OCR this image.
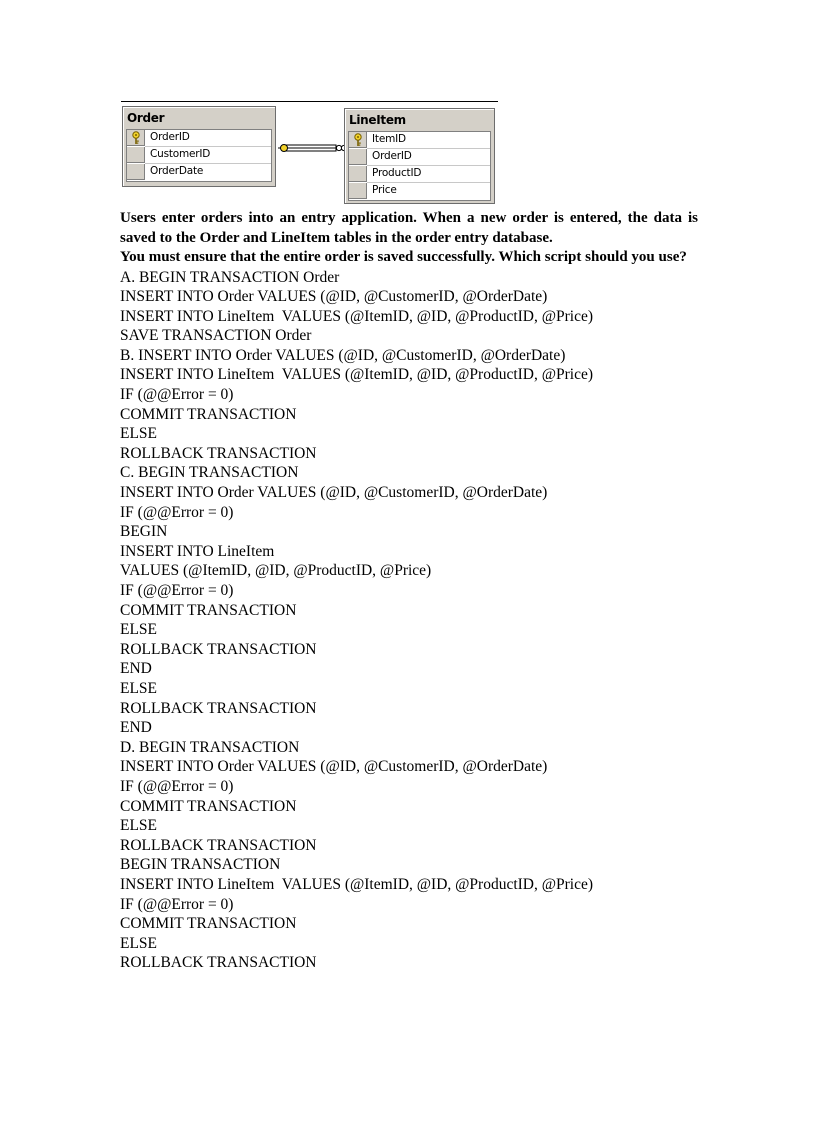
Order
OrderID
CustomerID
OrderDate
LineItem
ItemID
OrderID
ProductID
Price

Users enter orders into an entry application. When a new order is entered, the data is saved to the Order and LineItem tables in the order entry database.

You must ensure that the entire order is saved successfully. Which script should you use?

A. BEGIN TRANSACTION Order
INSERT INTO Order VALUES (@ID, @CustomerID, @OrderDate)
INSERT INTO LineItem  VALUES (@ItemID, @ID, @ProductID, @Price)
SAVE TRANSACTION Order
B. INSERT INTO Order VALUES (@ID, @CustomerID, @OrderDate)
INSERT INTO LineItem  VALUES (@ItemID, @ID, @ProductID, @Price)
IF (@@Error = 0)
COMMIT TRANSACTION
ELSE
ROLLBACK TRANSACTION
C. BEGIN TRANSACTION
INSERT INTO Order VALUES (@ID, @CustomerID, @OrderDate)
IF (@@Error = 0)
BEGIN
INSERT INTO LineItem
VALUES (@ItemID, @ID, @ProductID, @Price)
IF (@@Error = 0)
COMMIT TRANSACTION
ELSE
ROLLBACK TRANSACTION
END
ELSE
ROLLBACK TRANSACTION
END
D. BEGIN TRANSACTION
INSERT INTO Order VALUES (@ID, @CustomerID, @OrderDate)
IF (@@Error = 0)
COMMIT TRANSACTION
ELSE
ROLLBACK TRANSACTION
BEGIN TRANSACTION
INSERT INTO LineItem  VALUES (@ItemID, @ID, @ProductID, @Price)
IF (@@Error = 0)
COMMIT TRANSACTION
ELSE
ROLLBACK TRANSACTION
